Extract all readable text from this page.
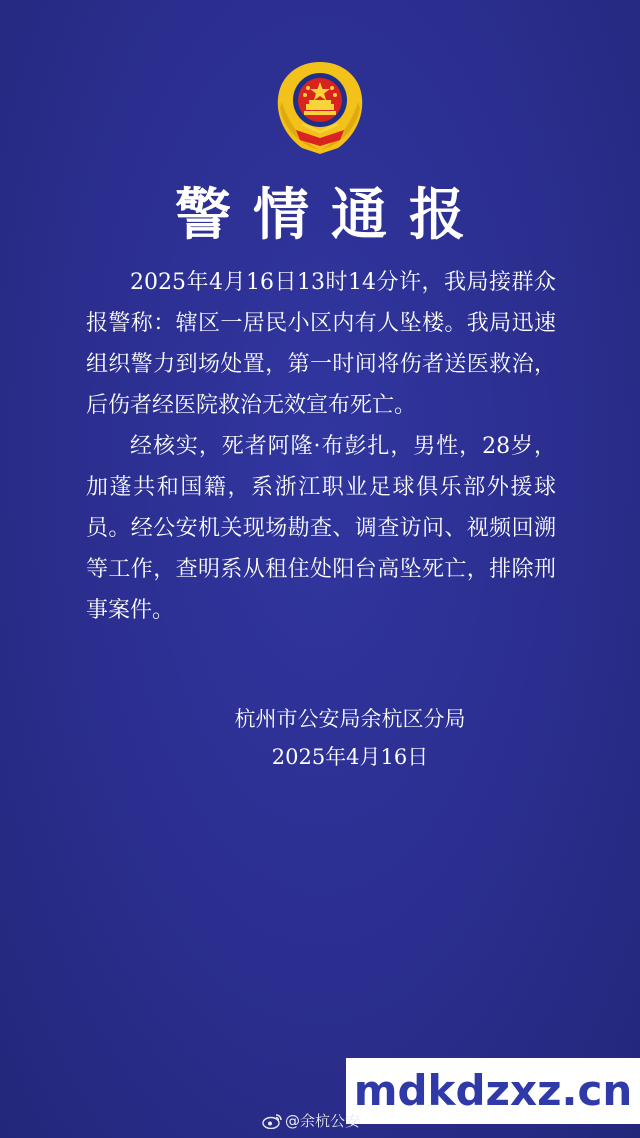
警情通报

2025年4月16日13时14分许，我局接群众报警称：辖区一居民小区内有人坠楼。我局迅速组织警力到场处置，第一时间将伤者送医救治，后伤者经医院救治无效宣布死亡。

经核实，死者阿隆·布彭扎，男性，28岁，加蓬共和国籍，系浙江职业足球俱乐部外援球员。经公安机关现场勘查、调查访问、视频回溯等工作，查明系从租住处阳台高坠死亡，排除刑事案件。

杭州市公安局余杭区分局
2025年4月16日
mdkdzxz.cn
@余杭公安
